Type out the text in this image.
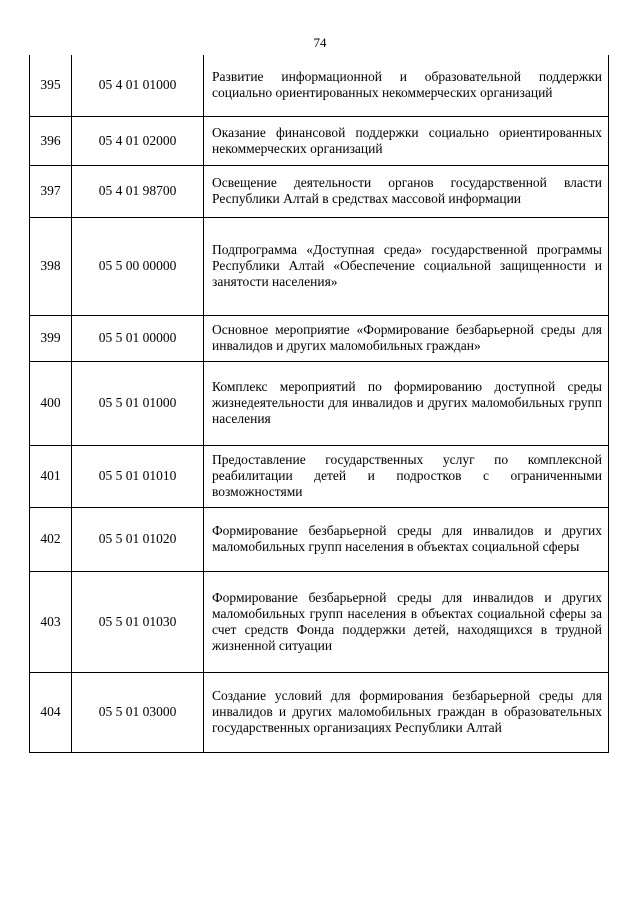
74
395	05 4 01 01000	Развитие информационной и образовательной поддержки социально ориентированных некоммерческих организаций

396	05 4 01 02000	Оказание финансовой поддержки социально ориентированных некоммерческих организаций

397	05 4 01 98700	Освещение деятельности органов государственной власти Республики Алтай в средствах массовой информации

398	05 5 00 00000	Подпрограмма «Доступная среда» государственной программы Республики Алтай «Обеспечение социальной защищенности и занятости населения»

399	05 5 01 00000	Основное мероприятие «Формирование безбарьерной среды для инвалидов и других маломобильных граждан»

400	05 5 01 01000	Комплекс мероприятий по формированию доступной среды жизнедеятельности для инвалидов и других маломобильных групп населения

401	05 5 01 01010	Предоставление государственных услуг по комплексной реабилитации детей и подростков с ограниченными возможностями

402	05 5 01 01020	Формирование безбарьерной среды для инвалидов и других маломобильных групп населения в объектах социальной сферы

403	05 5 01 01030	Формирование безбарьерной среды для инвалидов и других маломобильных групп населения в объектах социальной сферы за счет средств Фонда поддержки детей, находящихся в трудной жизненной ситуации

404	05 5 01 03000	Создание условий для формирования безбарьерной среды для инвалидов и других маломобильных граждан в образовательных государственных организациях Республики Алтай
